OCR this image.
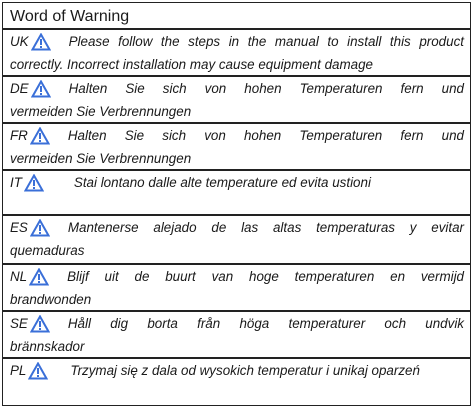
Word of Warning
UK	Please follow the steps in the manual to install this product
correctly. Incorrect installation may cause equipment damage
DE	Halten Sie sich von hohen Temperaturen fern und
vermeiden Sie Verbrennungen
FR	Halten Sie sich von hohen Temperaturen fern und
vermeiden Sie Verbrennungen
IT	Stai lontano dalle alte temperature ed evita ustioni
ES	Mantenerse alejado de las altas temperaturas y evitar
quemaduras
NL	Blijf uit de buurt van hoge temperaturen en vermijd
brandwonden
SE	Håll dig borta från höga temperaturer och undvik
brännskador
PL	Trzymaj się z dala od wysokich temperatur i unikaj oparzeń
